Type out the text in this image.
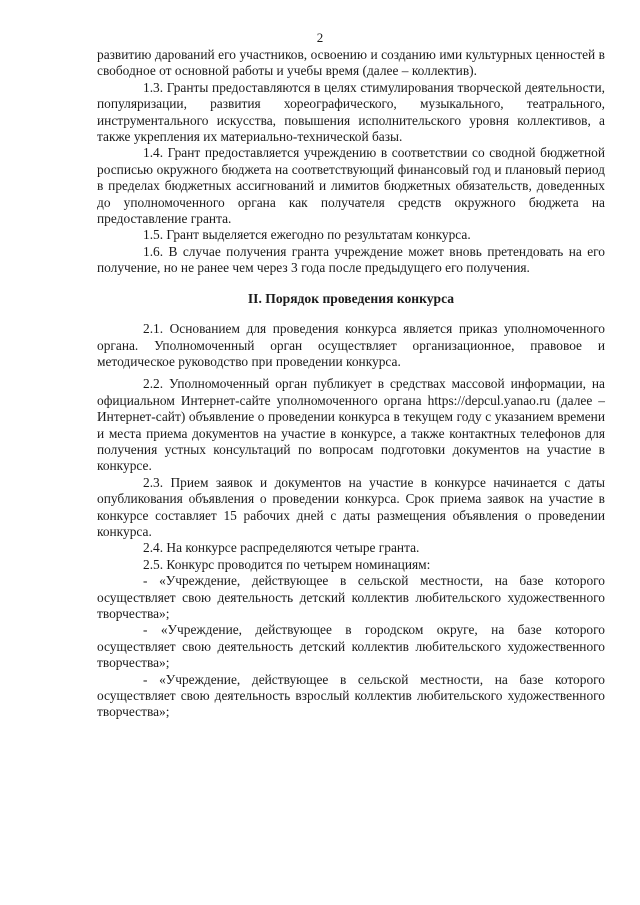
2

развитию дарований его участников, освоению и созданию ими культурных ценностей в свободное от основной работы и учебы время (далее – коллектив).

1.3. Гранты предоставляются в целях стимулирования творческой деятельности, популяризации, развития хореографического, музыкального, театрального, инструментального искусства, повышения исполнительского уровня коллективов, а также укрепления их материально-технической базы.

1.4. Грант предоставляется учреждению в соответствии со сводной бюджетной росписью окружного бюджета на соответствующий финансовый год и плановый период в пределах бюджетных ассигнований и лимитов бюджетных обязательств, доведенных до уполномоченного органа как получателя средств окружного бюджета на предоставление гранта.

1.5. Грант выделяется ежегодно по результатам конкурса.

1.6. В случае получения гранта учреждение может вновь претендовать на его получение, но не ранее чем через 3 года после предыдущего его получения.

II. Порядок проведения конкурса

2.1. Основанием для проведения конкурса является приказ уполномоченного органа. Уполномоченный орган осуществляет организационное, правовое и методическое руководство при проведении конкурса.

2.2. Уполномоченный орган публикует в средствах массовой информации, на официальном Интернет-сайте уполномоченного органа https://depcul.yanao.ru (далее – Интернет-сайт) объявление о проведении конкурса в текущем году с указанием времени и места приема документов на участие в конкурсе, а также контактных телефонов для получения устных консультаций по вопросам подготовки документов на участие в конкурсе.

2.3. Прием заявок и документов на участие в конкурсе начинается с даты опубликования объявления о проведении конкурса. Срок приема заявок на участие в конкурсе составляет 15 рабочих дней с даты размещения объявления о проведении конкурса.

2.4. На конкурсе распределяются четыре гранта.

2.5. Конкурс проводится по четырем номинациям:

- «Учреждение, действующее в сельской местности, на базе которого осуществляет свою деятельность детский коллектив любительского художественного творчества»;

- «Учреждение, действующее в городском округе, на базе которого осуществляет свою деятельность детский коллектив любительского художественного творчества»;

- «Учреждение, действующее в сельской местности, на базе которого осуществляет свою деятельность взрослый коллектив любительского художественного творчества»;
